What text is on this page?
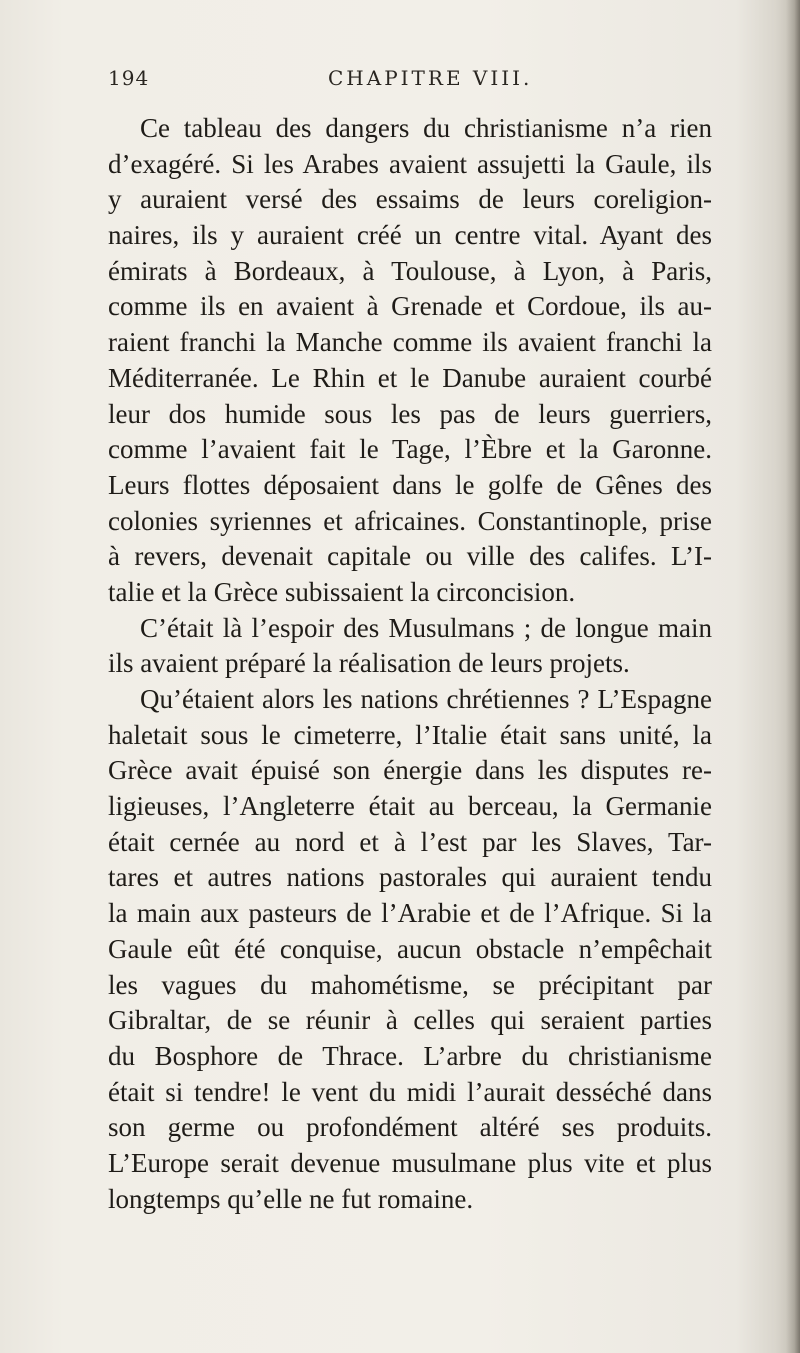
194	CHAPITRE VIII.
Ce tableau des dangers du christianisme n’a rien
d’exagéré. Si les Arabes avaient assujetti la Gaule, ils
y auraient versé des essaims de leurs coreligion-
naires, ils y auraient créé un centre vital. Ayant des
émirats à Bordeaux, à Toulouse, à Lyon, à Paris,
comme ils en avaient à Grenade et Cordoue, ils au-
raient franchi la Manche comme ils avaient franchi la
Méditerranée. Le Rhin et le Danube auraient courbé
leur dos humide sous les pas de leurs guerriers,
comme l’avaient fait le Tage, l’Èbre et la Garonne.
Leurs flottes déposaient dans le golfe de Gênes des
colonies syriennes et africaines. Constantinople, prise
à revers, devenait capitale ou ville des califes. L’I-
talie et la Grèce subissaient la circoncision.
C’était là l’espoir des Musulmans ; de longue main
ils avaient préparé la réalisation de leurs projets.
Qu’étaient alors les nations chrétiennes ? L’Espagne
haletait sous le cimeterre, l’Italie était sans unité, la
Grèce avait épuisé son énergie dans les disputes re-
ligieuses, l’Angleterre était au berceau, la Germanie
était cernée au nord et à l’est par les Slaves, Tar-
tares et autres nations pastorales qui auraient tendu
la main aux pasteurs de l’Arabie et de l’Afrique. Si la
Gaule eût été conquise, aucun obstacle n’empêchait
les vagues du mahométisme, se précipitant par
Gibraltar, de se réunir à celles qui seraient parties
du Bosphore de Thrace. L’arbre du christianisme
était si tendre! le vent du midi l’aurait desséché dans
son germe ou profondément altéré ses produits.
L’Europe serait devenue musulmane plus vite et plus
longtemps qu’elle ne fut romaine.
